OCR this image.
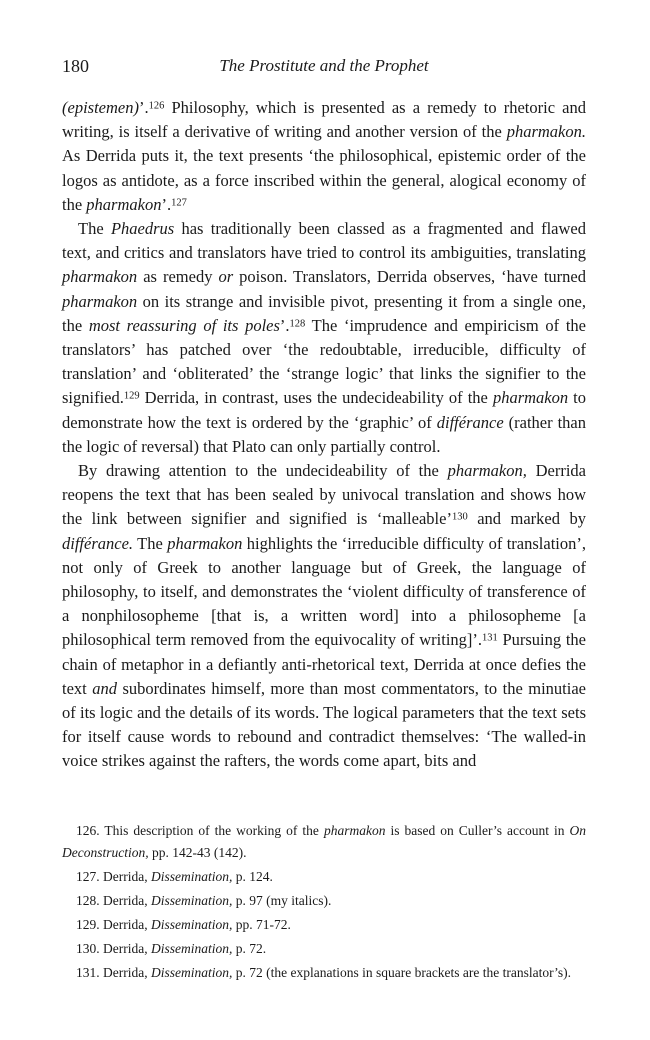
180	The Prostitute and the Prophet

(epistemen)’.$^{126}$ Philosophy, which is presented as a remedy to rhetoric and writing, is itself a derivative of writing and another version of the pharmakon. As Derrida puts it, the text presents ‘the philosophical, epistemic order of the logos as antidote, as a force inscribed within the general, alogical economy of the pharmakon’.$^{127}$

The Phaedrus has traditionally been classed as a fragmented and flawed text, and critics and translators have tried to control its ambiguities, translating pharmakon as remedy or poison. Translators, Derrida observes, ‘have turned pharmakon on its strange and invisible pivot, presenting it from a single one, the most reassuring of its poles’.$^{128}$ The ‘imprudence and empiricism of the translators’ has patched over ‘the redoubtable, irreducible, difficulty of translation’ and ‘obliterated’ the ‘strange logic’ that links the signifier to the signified.$^{129}$ Derrida, in contrast, uses the undecideability of the pharmakon to demonstrate how the text is ordered by the ‘graphic’ of différance (rather than the logic of reversal) that Plato can only partially control.

By drawing attention to the undecideability of the pharmakon, Derrida reopens the text that has been sealed by univocal translation and shows how the link between signifier and signified is ‘malleable’$^{130}$ and marked by différance. The pharmakon highlights the ‘irreducible difficulty of translation’, not only of Greek to another language but of Greek, the language of philosophy, to itself, and demonstrates the ‘violent difficulty of transference of a nonphilosopheme [that is, a written word] into a philosopheme [a philosophical term removed from the equivocality of writing]’.$^{131}$ Pursuing the chain of metaphor in a defiantly anti-rhetorical text, Derrida at once defies the text and subordinates himself, more than most commentators, to the minutiae of its logic and the details of its words. The logical parameters that the text sets for itself cause words to rebound and contradict themselves: ‘The walled-in voice strikes against the rafters, the words come apart, bits and

126. This description of the working of the pharmakon is based on Culler’s account in On Deconstruction, pp. 142-43 (142).

127. Derrida, Dissemination, p. 124.

128. Derrida, Dissemination, p. 97 (my italics).

129. Derrida, Dissemination, pp. 71-72.

130. Derrida, Dissemination, p. 72.

131. Derrida, Dissemination, p. 72 (the explanations in square brackets are the translator’s).
